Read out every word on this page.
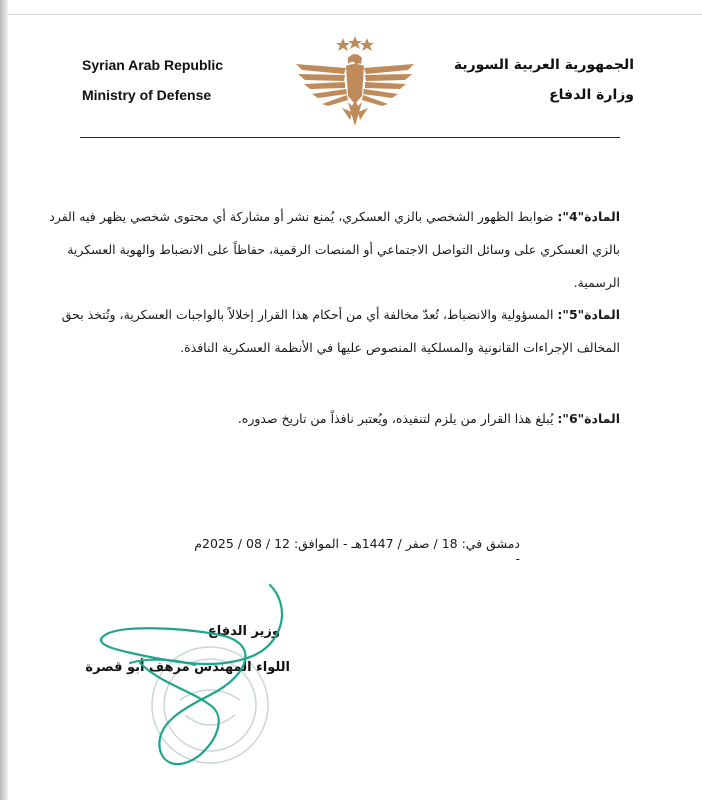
Syrian Arab Republic
Ministry of Defense
الجمهورية العربية السورية
وزارة الدفاع
المادة"4": ضوابط الظهور الشخصي بالزي العسكري، يُمنع نشر أو مشاركة أي محتوى شخصي يظهر فيه الفرد بالزي العسكري على وسائل التواصل الاجتماعي أو المنصات الرقمية، حفاظاً على الانضباط والهوية العسكرية الرسمية.
المادة"5": المسؤولية والانضباط، تُعدّ مخالفة أي من أحكام هذا القرار إخلالاً بالواجبات العسكرية، وتُتخذ بحق المخالف الإجراءات القانونية والمسلكية المنصوص عليها في الأنظمة العسكرية النافذة.
المادة"6": يُبلغ هذا القرار من يلزم لتنفيذه، ويُعتبر نافذاً من تاريخ صدوره.
دمشق في: 18 / صفر / 1447هـ - الموافق: 12 / 08 / 2025م -
وزير الدفاع
اللواء المهندس مرهف أبو قصرة
